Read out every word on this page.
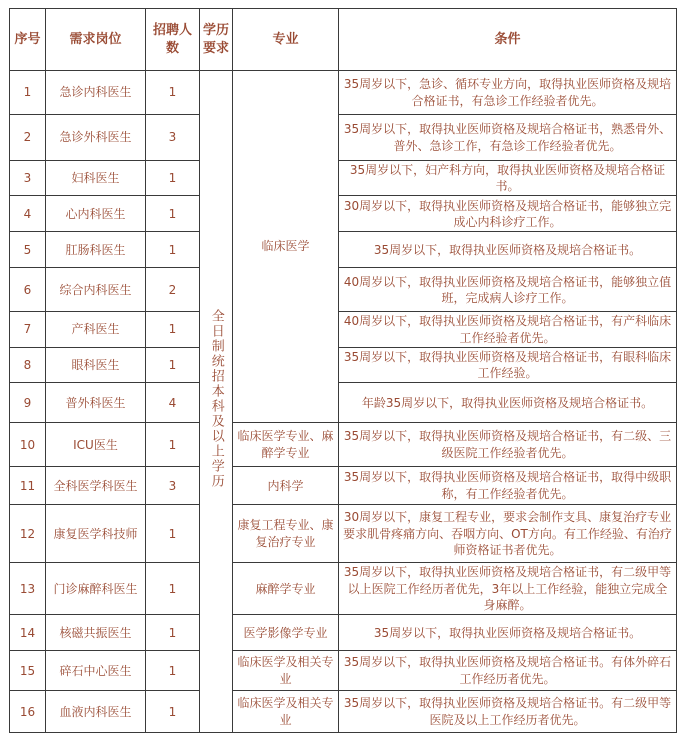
序号	需求岗位	招聘人数	学历要求	专业	条件
1	急诊内科医生	1	全日制统招本科及以上学历	临床医学	35周岁以下，急诊、循环专业方向，取得执业医师资格及规培合格证书，有急诊工作经验者优先。
2	急诊外科医生	3			35周岁以下，取得执业医师资格及规培合格证书，熟悉骨外、普外、急诊工作，有急诊工作经验者优先。
3	妇科医生	1			35周岁以下，妇产科方向，取得执业医师资格及规培合格证书。
4	心内科医生	1			30周岁以下，取得执业医师资格及规培合格证书，能够独立完成心内科诊疗工作。
5	肛肠科医生	1			35周岁以下，取得执业医师资格及规培合格证书。
6	综合内科医生	2			40周岁以下，取得执业医师资格及规培合格证书，能够独立值班，完成病人诊疗工作。
7	产科医生	1			40周岁以下，取得执业医师资格及规培合格证书，有产科临床工作经验者优先。
8	眼科医生	1			35周岁以下，取得执业医师资格及规培合格证书，有眼科临床工作经验。
9	普外科医生	4			年龄35周岁以下，取得执业医师资格及规培合格证书。
10	ICU医生	1		临床医学专业、麻醉学专业	35周岁以下，取得执业医师资格及规培合格证书，有二级、三级医院工作经验者优先。
11	全科医学科医生	3		内科学	35周岁以下，取得执业医师资格及规培合格证书，取得中级职称，有工作经验者优先。
12	康复医学科技师	1		康复工程专业、康复治疗专业	30周岁以下，康复工程专业，要求会制作支具、康复治疗专业要求肌骨疼痛方向、吞咽方向、OT方向。有工作经验、有治疗师资格证书者优先。
13	门诊麻醉科医生	1		麻醉学专业	35周岁以下，取得执业医师资格及规培合格证书，有二级甲等以上医院工作经历者优先，3年以上工作经验，能独立完成全身麻醉。
14	核磁共振医生	1		医学影像学专业	35周岁以下，取得执业医师资格及规培合格证书。
15	碎石中心医生	1		临床医学及相关专业	35周岁以下，取得执业医师资格及规培合格证书。有体外碎石工作经历者优先。
16	血液内科医生	1		临床医学及相关专业	35周岁以下，取得执业医师资格及规培合格证书。有二级甲等医院及以上工作经历者优先。
